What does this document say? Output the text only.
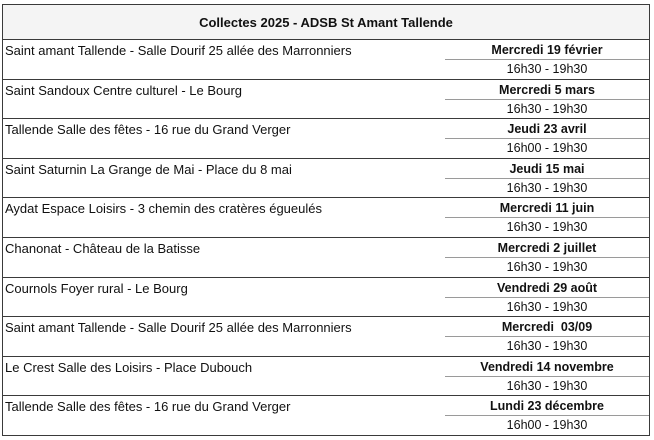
Collectes 2025 - ADSB St Amant Tallende
Saint amant Tallende - Salle Dourif 25 allée des Marronniers	Mercredi 19 février
16h30 - 19h30
Saint Sandoux Centre culturel - Le Bourg	Mercredi 5 mars
16h30 - 19h30
Tallende Salle des fêtes - 16 rue du Grand Verger	Jeudi 23 avril
16h00 - 19h30
Saint Saturnin La Grange de Mai - Place du 8 mai	Jeudi 15 mai
16h30 - 19h30
Aydat Espace Loisirs - 3 chemin des cratères égueulés	Mercredi 11 juin
16h30 - 19h30
Chanonat - Château de la Batisse	Mercredi 2 juillet
16h30 - 19h30
Cournols Foyer rural - Le Bourg	Vendredi 29 août
16h30 - 19h30
Saint amant Tallende - Salle Dourif 25 allée des Marronniers	Mercredi  03/09
16h30 - 19h30
Le Crest Salle des Loisirs - Place Dubouch	Vendredi 14 novembre
16h30 - 19h30
Tallende Salle des fêtes - 16 rue du Grand Verger	Lundi 23 décembre
16h00 - 19h30
